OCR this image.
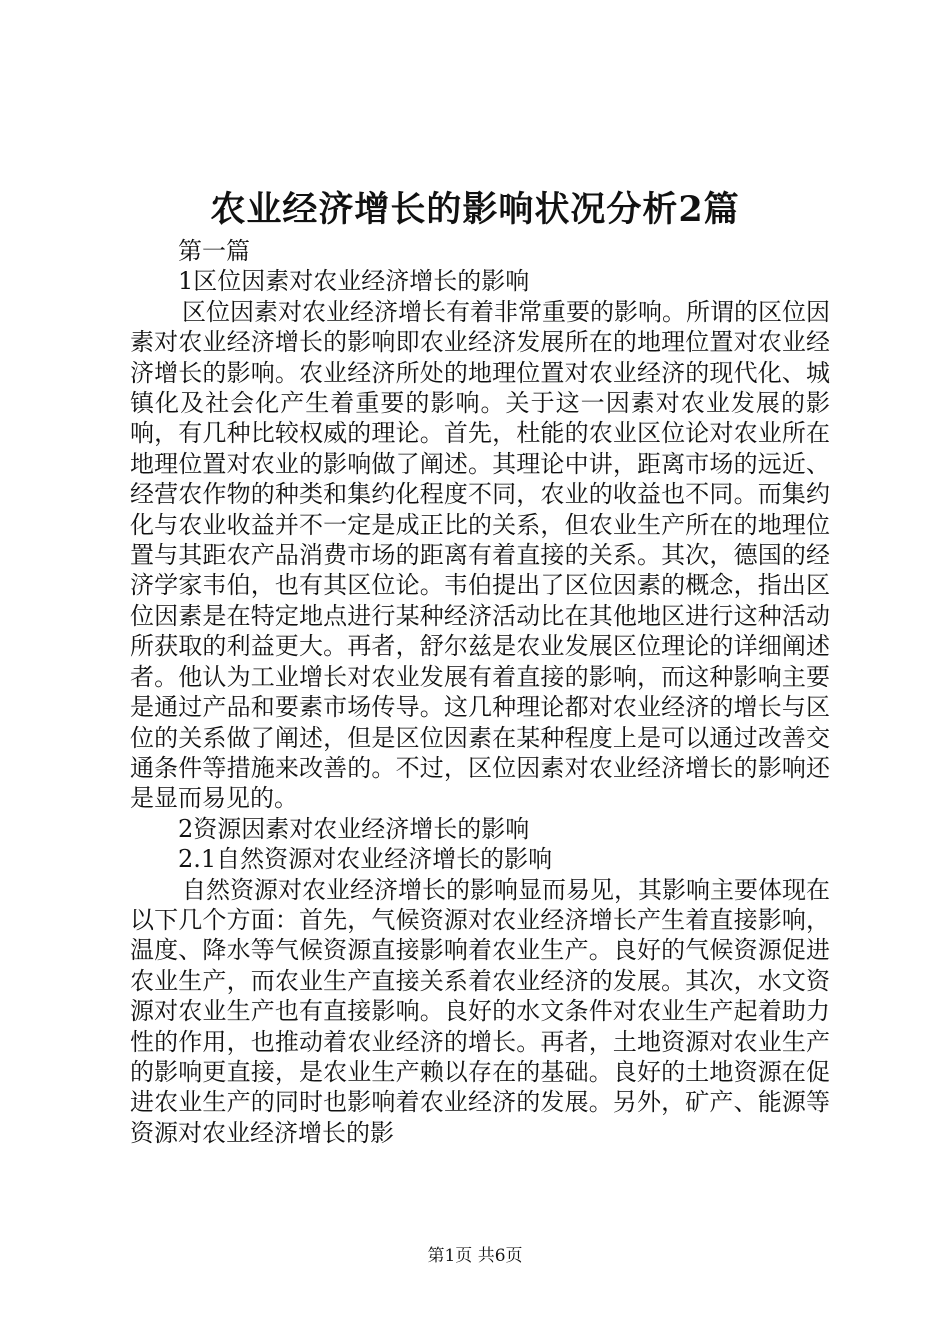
农业经济增长的影响状况分析2篇
第一篇
1区位因素对农业经济增长的影响
区位因素对农业经济增长有着非常重要的影响。所谓的区位因素对农业经济增长的影响即农业经济发展所在的地理位置对农业经济增长的影响。农业经济所处的地理位置对农业经济的现代化、城镇化及社会化产生着重要的影响。关于这一因素对农业发展的影响，有几种比较权威的理论。首先，杜能的农业区位论对农业所在地理位置对农业的影响做了阐述。其理论中讲，距离市场的远近、经营农作物的种类和集约化程度不同，农业的收益也不同。而集约化与农业收益并不一定是成正比的关系，但农业生产所在的地理位置与其距农产品消费市场的距离有着直接的关系。其次，德国的经济学家韦伯，也有其区位论。韦伯提出了区位因素的概念，指出区位因素是在特定地点进行某种经济活动比在其他地区进行这种活动所获取的利益更大。再者，舒尔兹是农业发展区位理论的详细阐述者。他认为工业增长对农业发展有着直接的影响，而这种影响主要是通过产品和要素市场传导。这几种理论都对农业经济的增长与区位的关系做了阐述，但是区位因素在某种程度上是可以通过改善交通条件等措施来改善的。不过，区位因素对农业经济增长的影响还是显而易见的。
2资源因素对农业经济增长的影响
2.1自然资源对农业经济增长的影响
自然资源对农业经济增长的影响显而易见，其影响主要体现在以下几个方面：首先，气候资源对农业经济增长产生着直接影响，温度、降水等气候资源直接影响着农业生产。良好的气候资源促进农业生产，而农业生产直接关系着农业经济的发展。其次，水文资源对农业生产也有直接影响。良好的水文条件对农业生产起着助力性的作用，也推动着农业经济的增长。再者，土地资源对农业生产的影响更直接，是农业生产赖以存在的基础。良好的土地资源在促进农业生产的同时也影响着农业经济的发展。另外，矿产、能源等资源对农业经济增长的影
第1页 共6页
